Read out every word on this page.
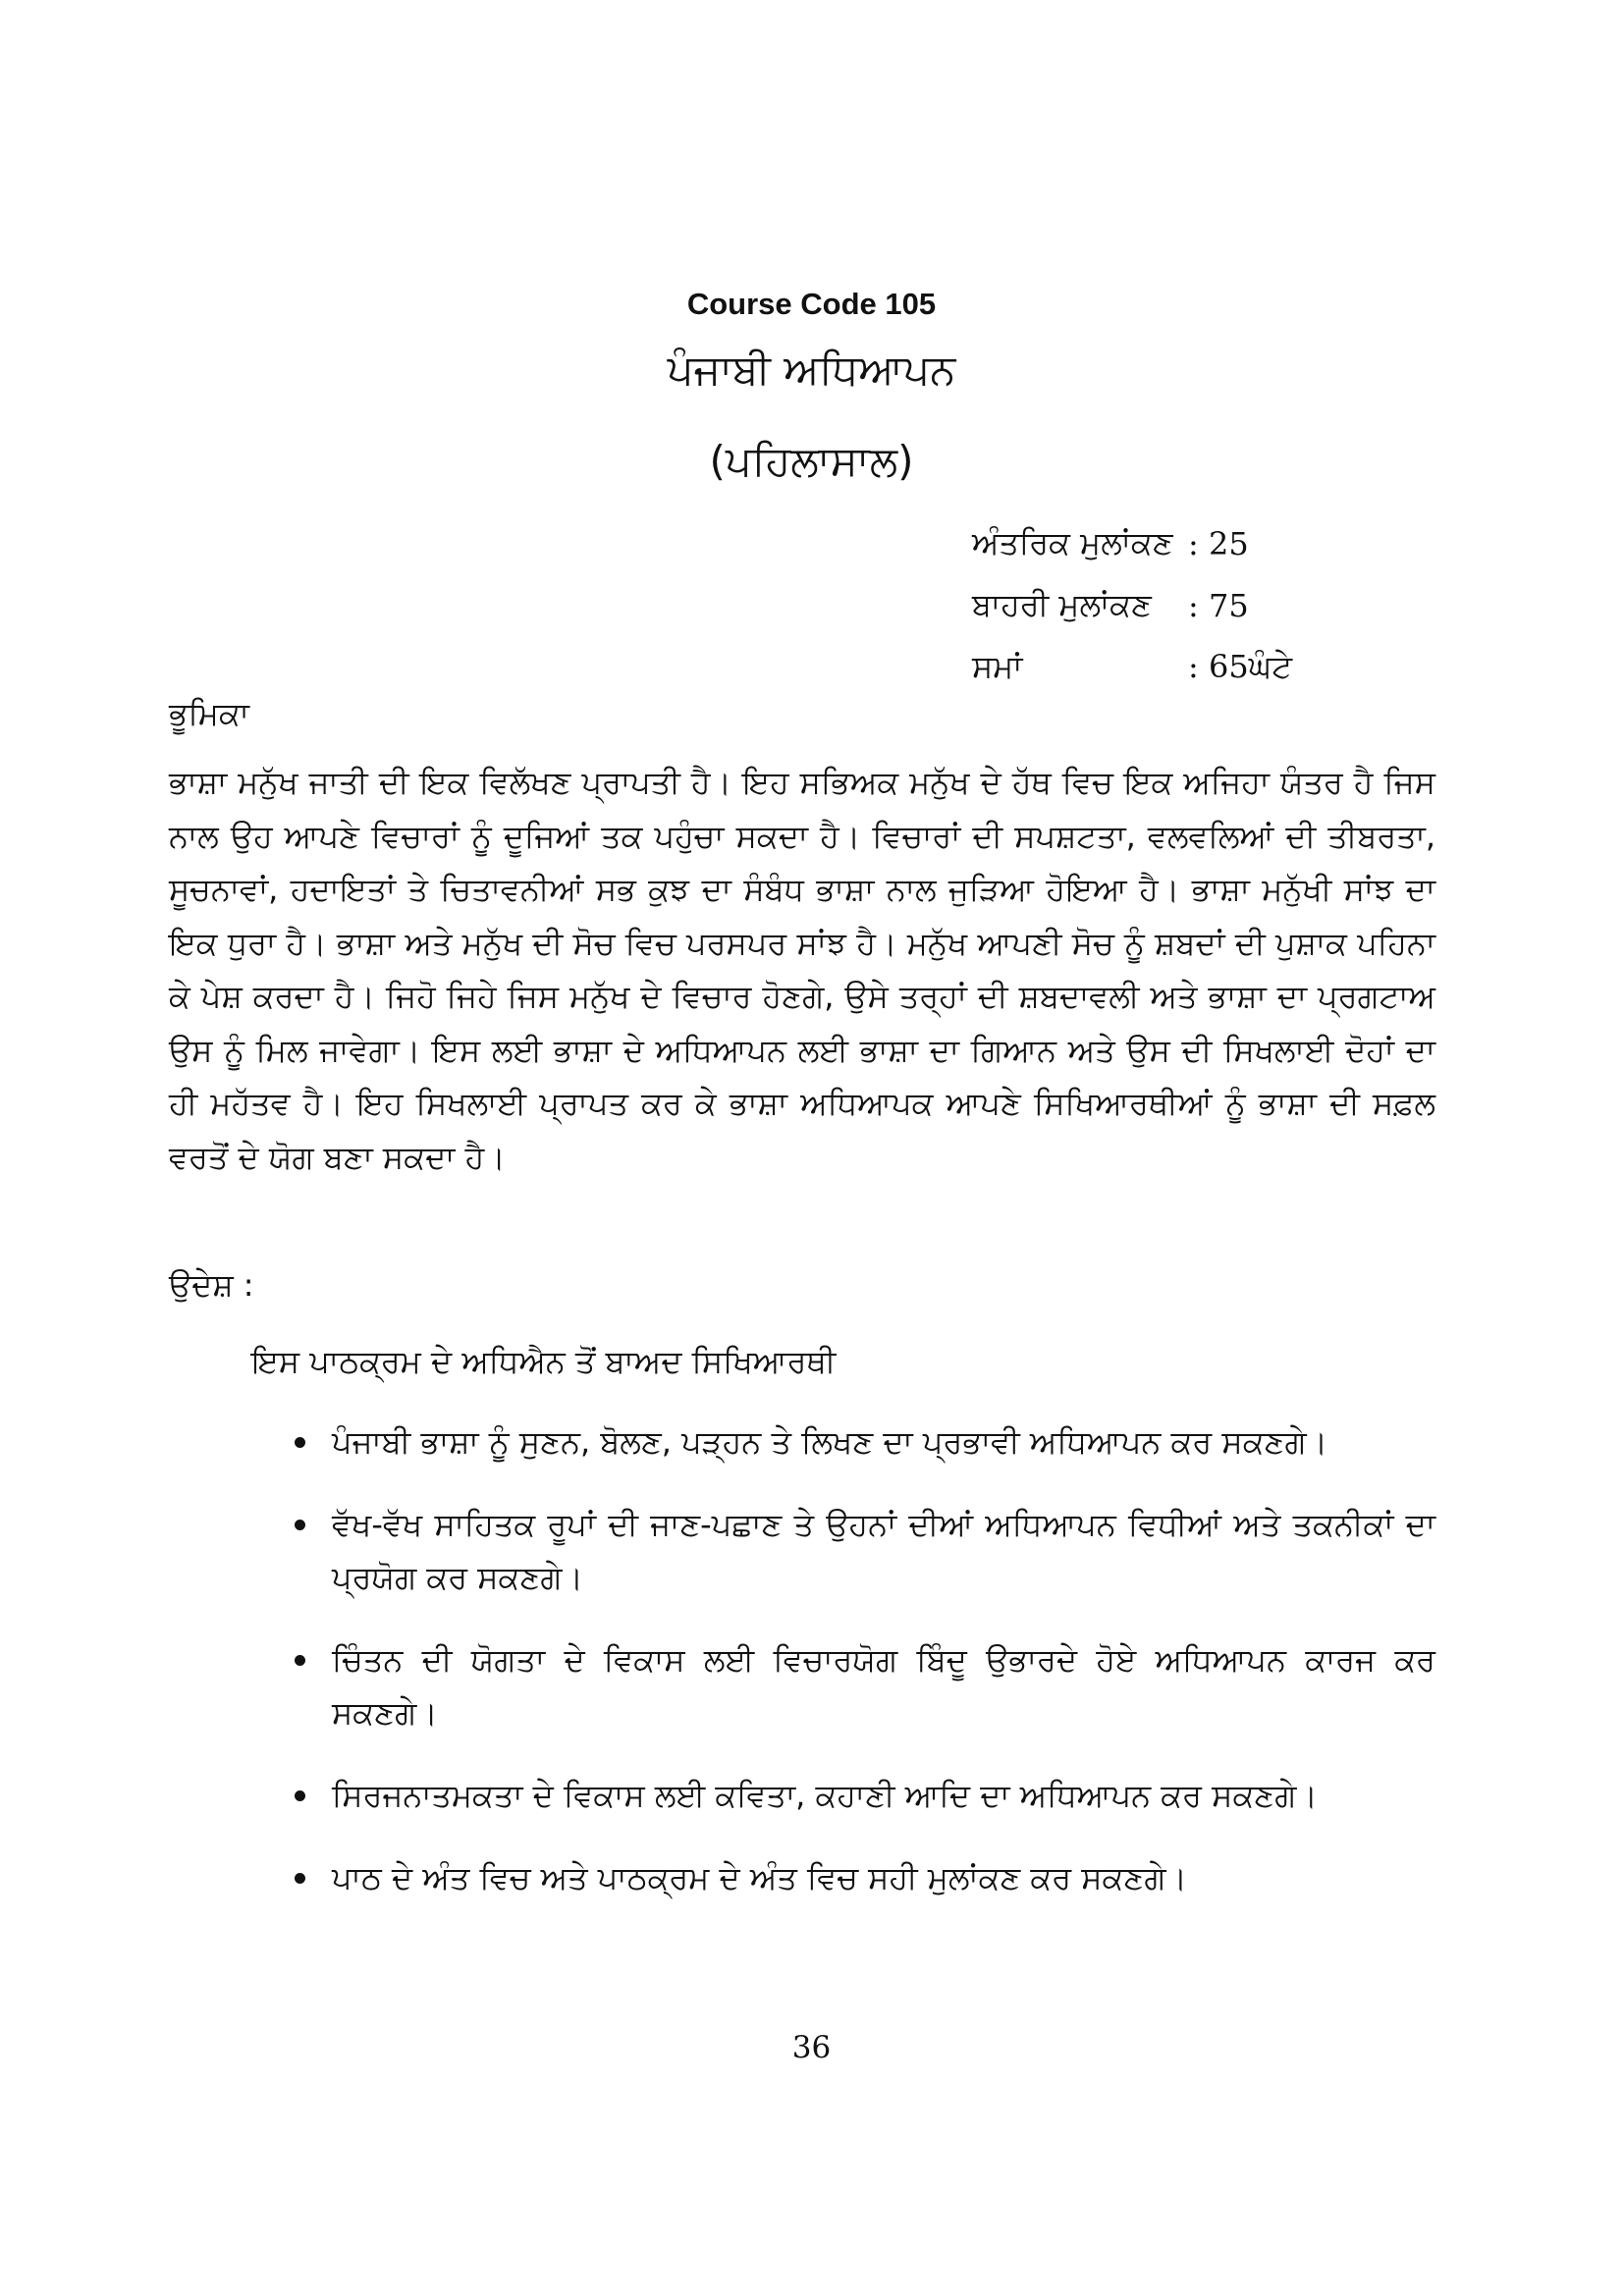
Course Code 105
ਪੰਜਾਬੀ ਅਧਿਆਪਨ
(ਪਹਿਲਾਸਾਲ)
ਅੰਤਰਿਕ ਮੁਲਾਂਕਣ : 25
ਬਾਹਰੀ ਮੁਲਾਂਕਣ	: 75
ਸਮਾਂ	: 65ਘੰਟੇ
ਭੂਮਿਕਾ

ਭਾਸ਼ਾ ਮਨੁੱਖ ਜਾਤੀ ਦੀ ਇਕ ਵਿਲੱਖਣ ਪ੍ਰਾਪਤੀ ਹੈ। ਇਹ ਸਭਿਅਕ ਮਨੁੱਖ ਦੇ ਹੱਥ ਵਿਚ ਇਕ ਅਜਿਹਾ ਯੰਤਰ ਹੈ ਜਿਸ ਨਾਲ ਉਹ ਆਪਣੇ ਵਿਚਾਰਾਂ ਨੂੰ ਦੂਜਿਆਂ ਤਕ ਪਹੁੰਚਾ ਸਕਦਾ ਹੈ। ਵਿਚਾਰਾਂ ਦੀ ਸਪਸ਼ਟਤਾ, ਵਲਵਲਿਆਂ ਦੀ ਤੀਬਰਤਾ, ਸੂਚਨਾਵਾਂ, ਹਦਾਇਤਾਂ ਤੇ ਚਿਤਾਵਨੀਆਂ ਸਭ ਕੁਝ ਦਾ ਸੰਬੰਧ ਭਾਸ਼ਾ ਨਾਲ ਜੁੜਿਆ ਹੋਇਆ ਹੈ। ਭਾਸ਼ਾ ਮਨੁੱਖੀ ਸਾਂਝ ਦਾ ਇਕ ਧੁਰਾ ਹੈ। ਭਾਸ਼ਾ ਅਤੇ ਮਨੁੱਖ ਦੀ ਸੋਚ ਵਿਚ ਪਰਸਪਰ ਸਾਂਝ ਹੈ। ਮਨੁੱਖ ਆਪਣੀ ਸੋਚ ਨੂੰ ਸ਼ਬਦਾਂ ਦੀ ਪੁਸ਼ਾਕ ਪਹਿਨਾ ਕੇ ਪੇਸ਼ ਕਰਦਾ ਹੈ। ਜਿਹੋ ਜਿਹੇ ਜਿਸ ਮਨੁੱਖ ਦੇ ਵਿਚਾਰ ਹੋਣਗੇ, ਉਸੇ ਤਰ੍ਹਾਂ ਦੀ ਸ਼ਬਦਾਵਲੀ ਅਤੇ ਭਾਸ਼ਾ ਦਾ ਪ੍ਰਗਟਾਅ ਉਸ ਨੂੰ ਮਿਲ ਜਾਵੇਗਾ। ਇਸ ਲਈ ਭਾਸ਼ਾ ਦੇ ਅਧਿਆਪਨ ਲਈ ਭਾਸ਼ਾ ਦਾ ਗਿਆਨ ਅਤੇ ਉਸ ਦੀ ਸਿਖਲਾਈ ਦੋਹਾਂ ਦਾ ਹੀ ਮਹੱਤਵ ਹੈ। ਇਹ ਸਿਖਲਾਈ ਪ੍ਰਾਪਤ ਕਰ ਕੇ ਭਾਸ਼ਾ ਅਧਿਆਪਕ ਆਪਣੇ ਸਿਖਿਆਰਥੀਆਂ ਨੂੰ ਭਾਸ਼ਾ ਦੀ ਸਫ਼ਲ ਵਰਤੋਂ ਦੇ ਯੋਗ ਬਣਾ ਸਕਦਾ ਹੈ।

ਉਦੇਸ਼ :
ਇਸ ਪਾਠਕ੍ਰਮ ਦੇ ਅਧਿਐਨ ਤੋਂ ਬਾਅਦ ਸਿਖਿਆਰਥੀ
ਪੰਜਾਬੀ ਭਾਸ਼ਾ ਨੂੰ ਸੁਣਨ, ਬੋਲਣ, ਪੜ੍ਹਨ ਤੇ ਲਿਖਣ ਦਾ ਪ੍ਰਭਾਵੀ ਅਧਿਆਪਨ ਕਰ ਸਕਣਗੇ।
ਵੱਖ-ਵੱਖ ਸਾਹਿਤਕ ਰੂਪਾਂ ਦੀ ਜਾਣ-ਪਛਾਣ ਤੇ ਉਹਨਾਂ ਦੀਆਂ ਅਧਿਆਪਨ ਵਿਧੀਆਂ ਅਤੇ ਤਕਨੀਕਾਂ ਦਾ ਪ੍ਰਯੋਗ ਕਰ ਸਕਣਗੇ।
ਚਿੰਤਨ ਦੀ ਯੋਗਤਾ ਦੇ ਵਿਕਾਸ ਲਈ ਵਿਚਾਰਯੋਗ ਬਿੰਦੂ ਉਭਾਰਦੇ ਹੋਏ ਅਧਿਆਪਨ ਕਾਰਜ ਕਰ ਸਕਣਗੇ।
ਸਿਰਜਨਾਤਮਕਤਾ ਦੇ ਵਿਕਾਸ ਲਈ ਕਵਿਤਾ, ਕਹਾਣੀ ਆਦਿ ਦਾ ਅਧਿਆਪਨ ਕਰ ਸਕਣਗੇ।
ਪਾਠ ਦੇ ਅੰਤ ਵਿਚ ਅਤੇ ਪਾਠਕ੍ਰਮ ਦੇ ਅੰਤ ਵਿਚ ਸਹੀ ਮੁਲਾਂਕਣ ਕਰ ਸਕਣਗੇ।
36
